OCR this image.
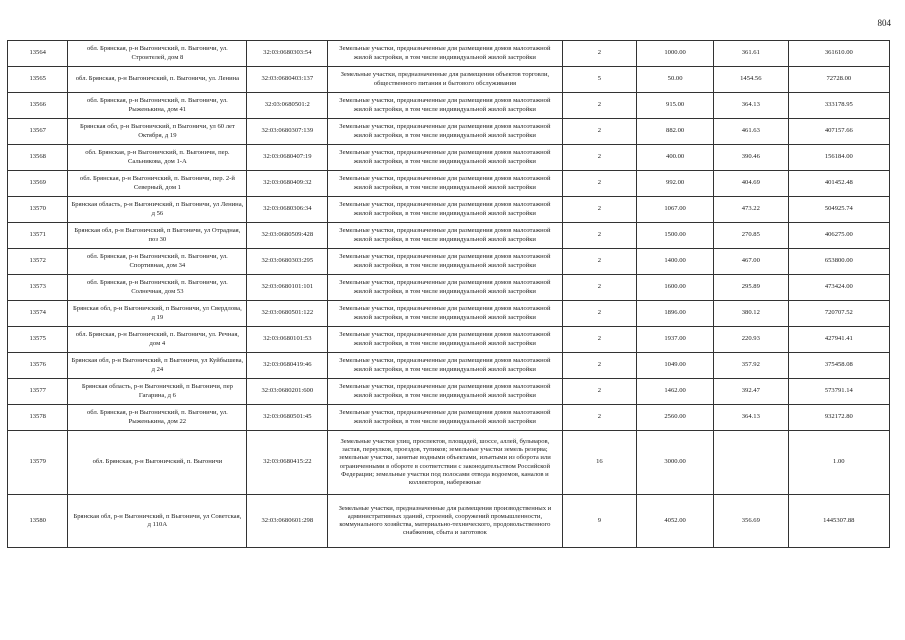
804
13564	обл. Брянская, р-н Выгоничский, п. Выгоничи, ул. Строителей, дом 8	32:03:0680303:54	Земельные участки, предназначенные для размещения домов малоэтажной жилой застройки, в том числе индивидуальной жилой застройки	2	1000.00	361.61	361610.00
13565	обл. Брянская, р-н Выгоничский, п. Выгоничи, ул. Ленина	32:03:0680403:137	Земельные участки, предназначенные для размещения объектов торговли, общественного питания и бытового обслуживания	5	50.00	1454.56	72728.00
13566	обл. Брянская, р-н Выгоничский, п. Выгоничи, ул. Рыженькина, дом 41	32:03:0680501:2	Земельные участки, предназначенные для размещения домов малоэтажной жилой застройки, в том числе индивидуальной жилой застройки	2	915.00	364.13	333178.95
13567	Брянская обл, р-н Выгоничский, п Выгоничи, ул 60 лет Октября, д 19	32:03:0680307:139	Земельные участки, предназначенные для размещения домов малоэтажной жилой застройки, в том числе индивидуальной жилой застройки	2	882.00	461.63	407157.66
13568	обл. Брянская, р-н Выгоничский, п. Выгоничи, пер. Сальникова, дом 1-А	32:03:0680407:19	Земельные участки, предназначенные для размещения домов малоэтажной жилой застройки, в том числе индивидуальной жилой застройки	2	400.00	390.46	156184.00
13569	обл. Брянская, р-н Выгоничский, п. Выгоничи, пер. 2-й Северный, дом 1	32:03:0680409:32	Земельные участки, предназначенные для размещения домов малоэтажной жилой застройки, в том числе индивидуальной жилой застройки	2	992.00	404.69	401452.48
13570	Брянская область, р-н Выгоничский, п Выгоничи, ул Ленина, д 56	32:03:0680306:34	Земельные участки, предназначенные для размещения домов малоэтажной жилой застройки, в том числе индивидуальной жилой застройки	2	1067.00	473.22	504925.74
13571	Брянская обл, р-н Выгоничский, п Выгоничи, ул Отрадная, поз 30	32:03:0680509:428	Земельные участки, предназначенные для размещения домов малоэтажной жилой застройки, в том числе индивидуальной жилой застройки	2	1500.00	270.85	406275.00
13572	обл. Брянская, р-н Выгоничский, п. Выгоничи, ул. Спортивная, дом 34	32:03:0680303:295	Земельные участки, предназначенные для размещения домов малоэтажной жилой застройки, в том числе индивидуальной жилой застройки	2	1400.00	467.00	653800.00
13573	обл. Брянская, р-н Выгоничский, п. Выгоничи, ул. Солнечная, дом 53	32:03:0680101:101	Земельные участки, предназначенные для размещения домов малоэтажной жилой застройки, в том числе индивидуальной жилой застройки	2	1600.00	295.89	473424.00
13574	Брянская обл, р-н Выгоничский, п Выгоничи, ул Свердлова, д 19	32:03:0680501:122	Земельные участки, предназначенные для размещения домов малоэтажной жилой застройки, в том числе индивидуальной жилой застройки	2	1896.00	380.12	720707.52
13575	обл. Брянская, р-н Выгоничский, п. Выгоничи, ул. Речная, дом 4	32:03:0680101:53	Земельные участки, предназначенные для размещения домов малоэтажной жилой застройки, в том числе индивидуальной жилой застройки	2	1937.00	220.93	427941.41
13576	Брянская обл, р-н Выгоничский, п Выгоничи, ул Куйбышева, д 24	32:03:0680419:46	Земельные участки, предназначенные для размещения домов малоэтажной жилой застройки, в том числе индивидуальной жилой застройки	2	1049.00	357.92	375458.08
13577	Брянская область, р-н Выгоничский, п Выгоничи, пер Гагарина, д 6	32:03:0680201:600	Земельные участки, предназначенные для размещения домов малоэтажной жилой застройки, в том числе индивидуальной жилой застройки	2	1462.00	392.47	573791.14
13578	обл. Брянская, р-н Выгоничский, п. Выгоничи, ул. Рыженькина, дом 22	32:03:0680501:45	Земельные участки, предназначенные для размещения домов малоэтажной жилой застройки, в том числе индивидуальной жилой застройки	2	2560.00	364.13	932172.80
13579	обл. Брянская, р-н Выгоничский, п. Выгоничи	32:03:0680415:22	Земельные участки улиц, проспектов, площадей, шоссе, аллей, бульваров, застав, переулков, проездов, тупиков; земельные участки земель резерва; земельные участки, занятые водными объектами, изъятыми из оборота или ограниченными в обороте в соответствии с законодательством Российской Федерации; земельные участки под полосами отвода водоемов, каналов и коллекторов, набережные	16	3000.00		1.00
13580	Брянская обл, р-н Выгоничский, п Выгоничи, ул Советская, д 110А	32:03:0680601:298	Земельные участки, предназначенные для размещения производственных и административных зданий, строений, сооружений промышленности, коммунального хозяйства, материально-технического, продовольственного снабжения, сбыта и заготовок	9	4052.00	356.69	1445307.88
